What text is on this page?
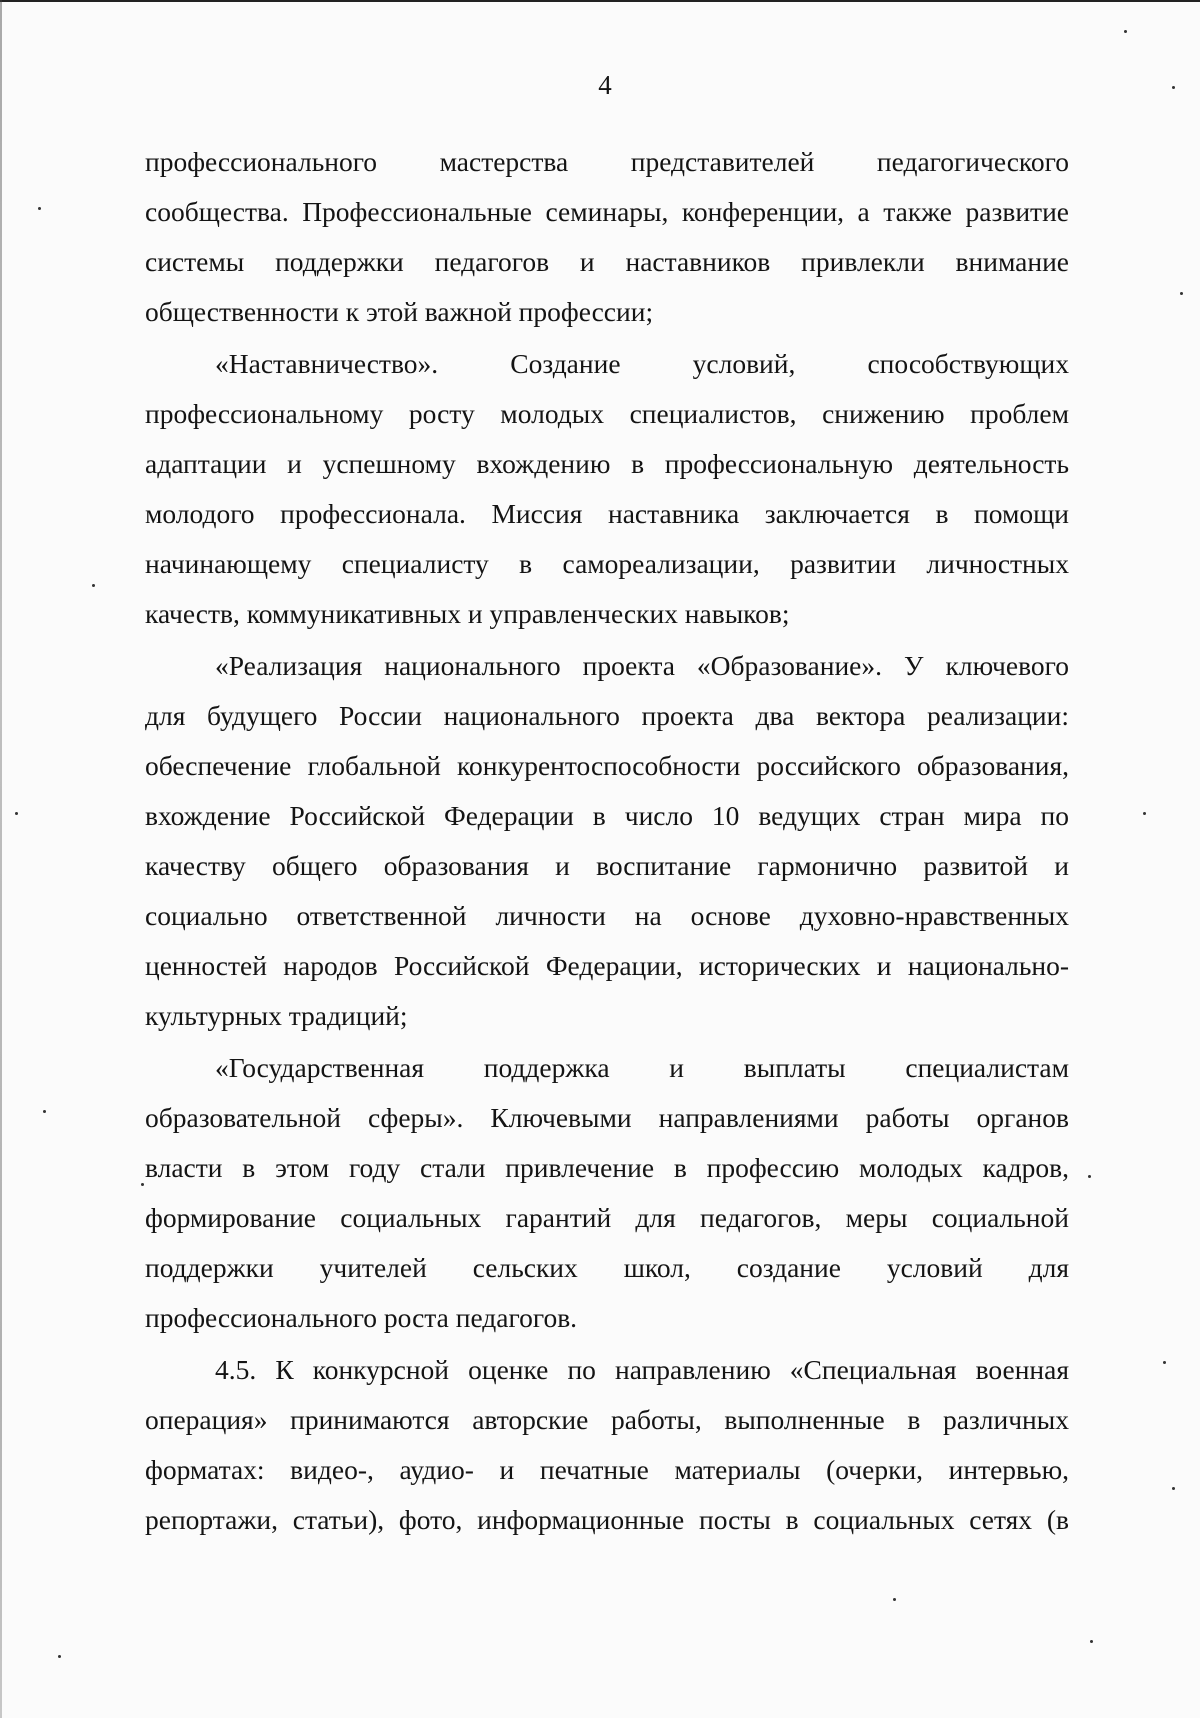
4
профессионального мастерства представителей педагогического
сообщества. Профессиональные семинары, конференции, а также развитие
системы поддержки педагогов и наставников привлекли внимание
общественности к этой важной профессии;
«Наставничество». Создание условий, способствующих
профессиональному росту молодых специалистов, снижению проблем
адаптации и успешному вхождению в профессиональную деятельность
молодого профессионала. Миссия наставника заключается в помощи
начинающему специалисту в самореализации, развитии личностных
качеств, коммуникативных и управленческих навыков;
«Реализация национального проекта «Образование». У ключевого
для будущего России национального проекта два вектора реализации:
обеспечение глобальной конкурентоспособности российского образования,
вхождение Российской Федерации в число 10 ведущих стран мира по
качеству общего образования и воспитание гармонично развитой и
социально ответственной личности на основе духовно-нравственных
ценностей народов Российской Федерации, исторических и национально-
культурных традиций;
«Государственная поддержка и выплаты специалистам
образовательной сферы». Ключевыми направлениями работы органов
власти в этом году стали привлечение в профессию молодых кадров,
формирование социальных гарантий для педагогов, меры социальной
поддержки учителей сельских школ, создание условий для
профессионального роста педагогов.
4.5. К конкурсной оценке по направлению «Специальная военная
операция» принимаются авторские работы, выполненные в различных
форматах: видео-, аудио- и печатные материалы (очерки, интервью,
репортажи, статьи), фото, информационные посты в социальных сетях (в
